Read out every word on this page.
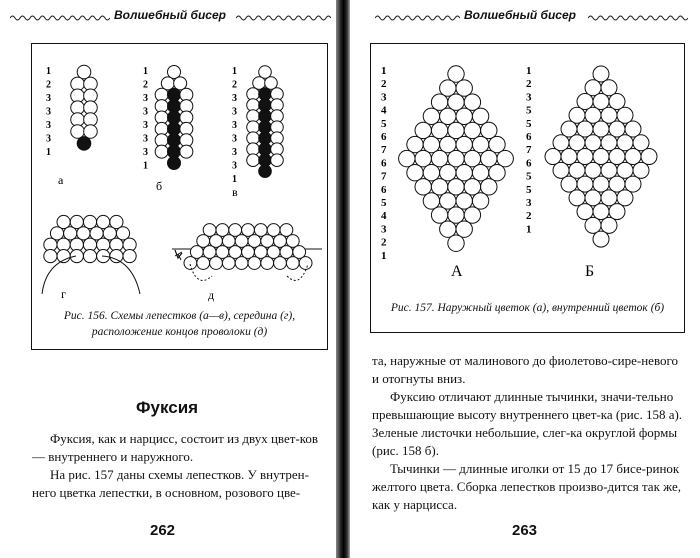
Волшебный бисер
1
2
3
3
3
3
1
1
2
3
3
3
3
3
1
1
2
3
3
3
3
3
3
1
а	б	в
г	д
Рис. 156. Схемы лепестков (а—в), середина (г),
расположение концов проволоки (д)
Фуксия

Фуксия, как и нарцисс, состоит из двух цвет-ков — внутреннего и наружного.

На рис. 157 даны схемы лепестков. У внутрен-него цветка лепестки, в основном, розового цве-

262
Волшебный бисер
1
2
3
4
5
6
7
6
7
6
5
4
3
2
1
1
2
3
5
5
6
7
6
5
5
3
2
1
А	Б
Рис. 157. Наружный цветок (а), внутренний цветок (б)

та, наружные от малинового до фиолетово-сире-невого и отогнуты вниз.

Фуксию отличают длинные тычинки, значи-тельно превышающие высоту внутреннего цвет-ка (рис. 158 а). Зеленые листочки небольшие, слег-ка округлой формы (рис. 158 б).

Тычинки — длинные иголки от 15 до 17 бисе-ринок желтого цвета. Сборка лепестков произво-дится так же, как у нарцисса.

263
